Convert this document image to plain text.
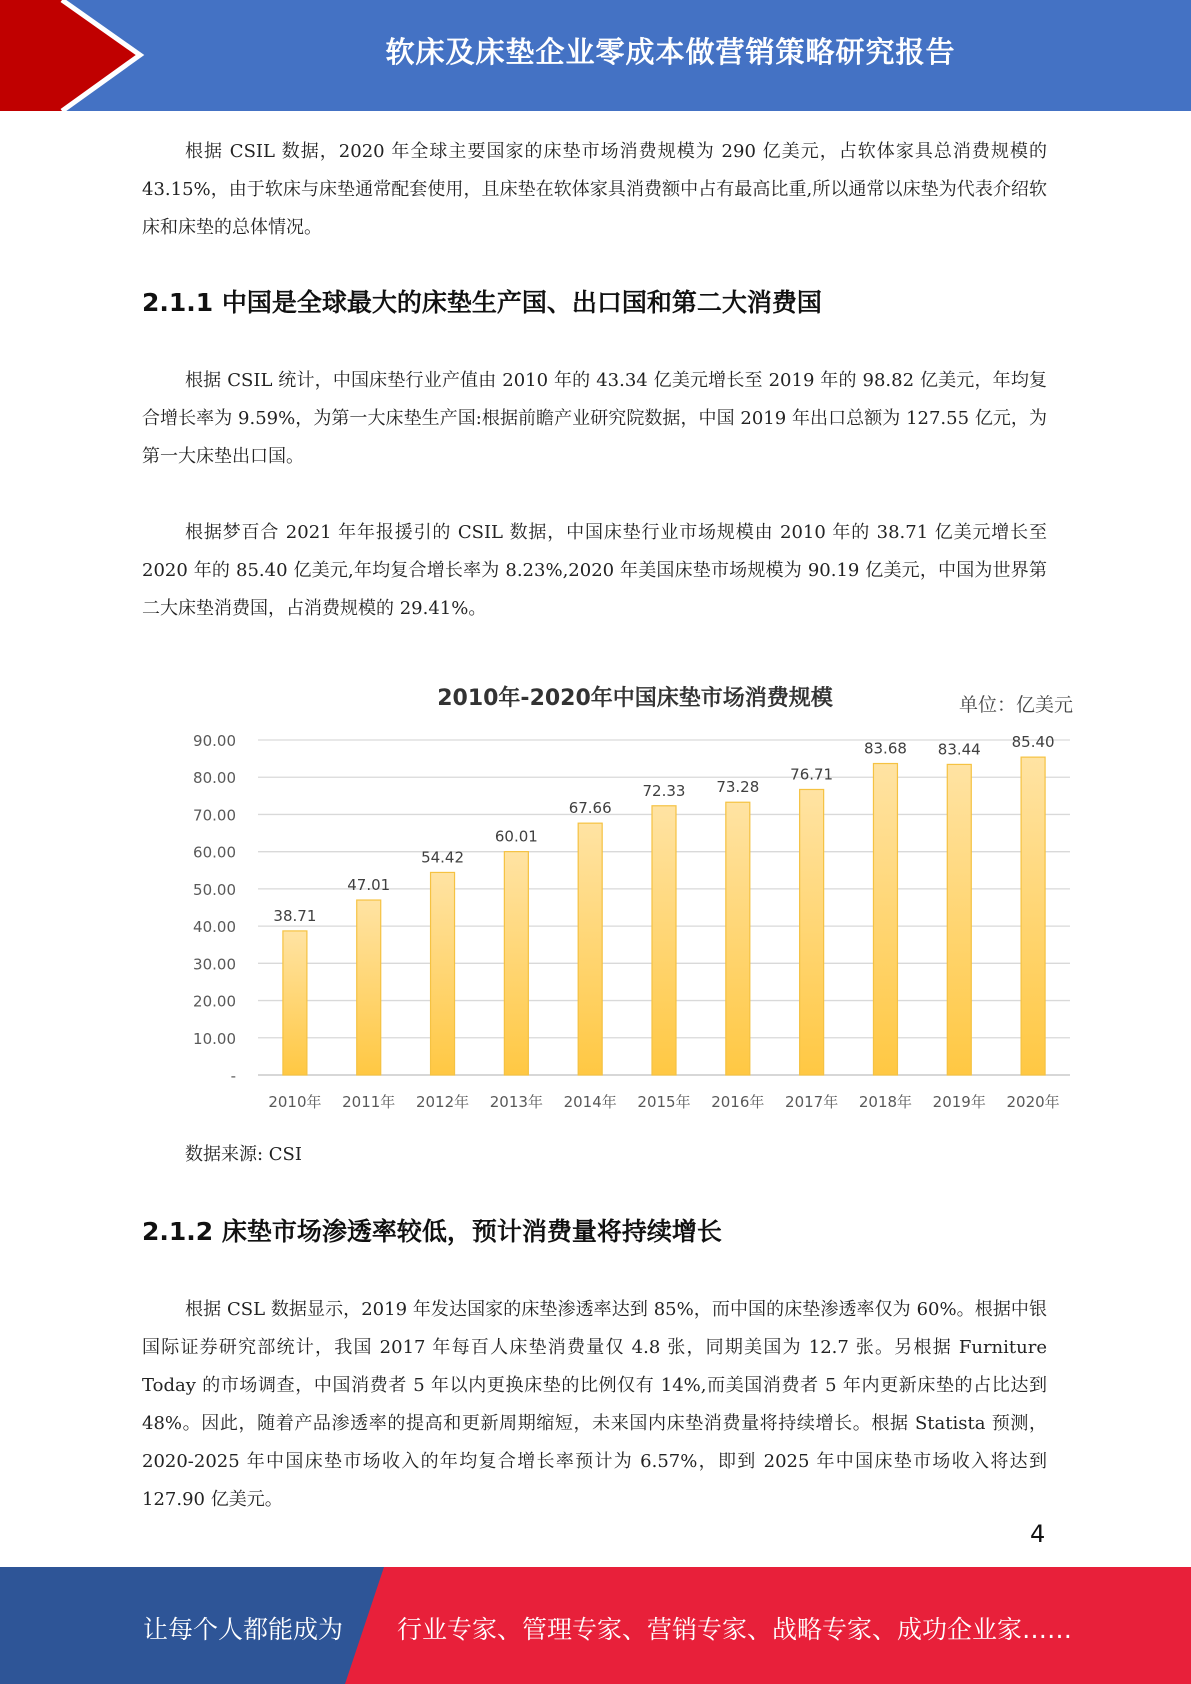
软床及床垫企业零成本做营销策略研究报告

根据 CSIL 数据，2020 年全球主要国家的床垫市场消费规模为 290 亿美元，占软体家具总消费规模的 43.15%，由于软床与床垫通常配套使用，且床垫在软体家具消费额中占有最高比重,所以通常以床垫为代表介绍软床和床垫的总体情况。

2.1.1 中国是全球最大的床垫生产国、出口国和第二大消费国

根据 CSIL 统计，中国床垫行业产值由 2010 年的 43.34 亿美元增长至 2019 年的 98.82 亿美元，年均复合增长率为 9.59%，为第一大床垫生产国:根据前瞻产业研究院数据，中国 2019 年出口总额为 127.55 亿元，为第一大床垫出口国。

根据梦百合 2021 年年报援引的 CSIL 数据，中国床垫行业市场规模由 2010 年的 38.71 亿美元增长至 2020 年的 85.40 亿美元,年均复合增长率为 8.23%,2020 年美国床垫市场规模为 90.19 亿美元，中国为世界第二大床垫消费国，占消费规模的 29.41%。

2010年-2020年中国床垫市场消费规模	单位：亿美元
-
10.00
20.00
30.00
40.00
50.00
60.00
70.00
80.00
90.00
38.71
2010年
47.01
2011年
54.42
2012年
60.01
2013年
67.66
2014年
72.33
2015年
73.28
2016年
76.71
2017年
83.68
2018年
83.44
2019年
85.40
2020年

数据来源: CSI

2.1.2 床垫市场渗透率较低，预计消费量将持续增长

根据 CSL 数据显示，2019 年发达国家的床垫渗透率达到 85%，而中国的床垫渗透率仅为 60%。根据中银国际证券研究部统计，我国 2017 年每百人床垫消费量仅 4.8 张，同期美国为 12.7 张。另根据 Furniture Today 的市场调查，中国消费者 5 年以内更换床垫的比例仅有 14%,而美国消费者 5 年内更新床垫的占比达到 48%。因此，随着产品渗透率的提高和更新周期缩短，未来国内床垫消费量将持续增长。根据 Statista 预测，2020-2025 年中国床垫市场收入的年均复合增长率预计为 6.57%，即到 2025 年中国床垫市场收入将达到 127.90 亿美元。

4
让每个人都能成为 行业专家、管理专家、营销专家、战略专家、成功企业家……
